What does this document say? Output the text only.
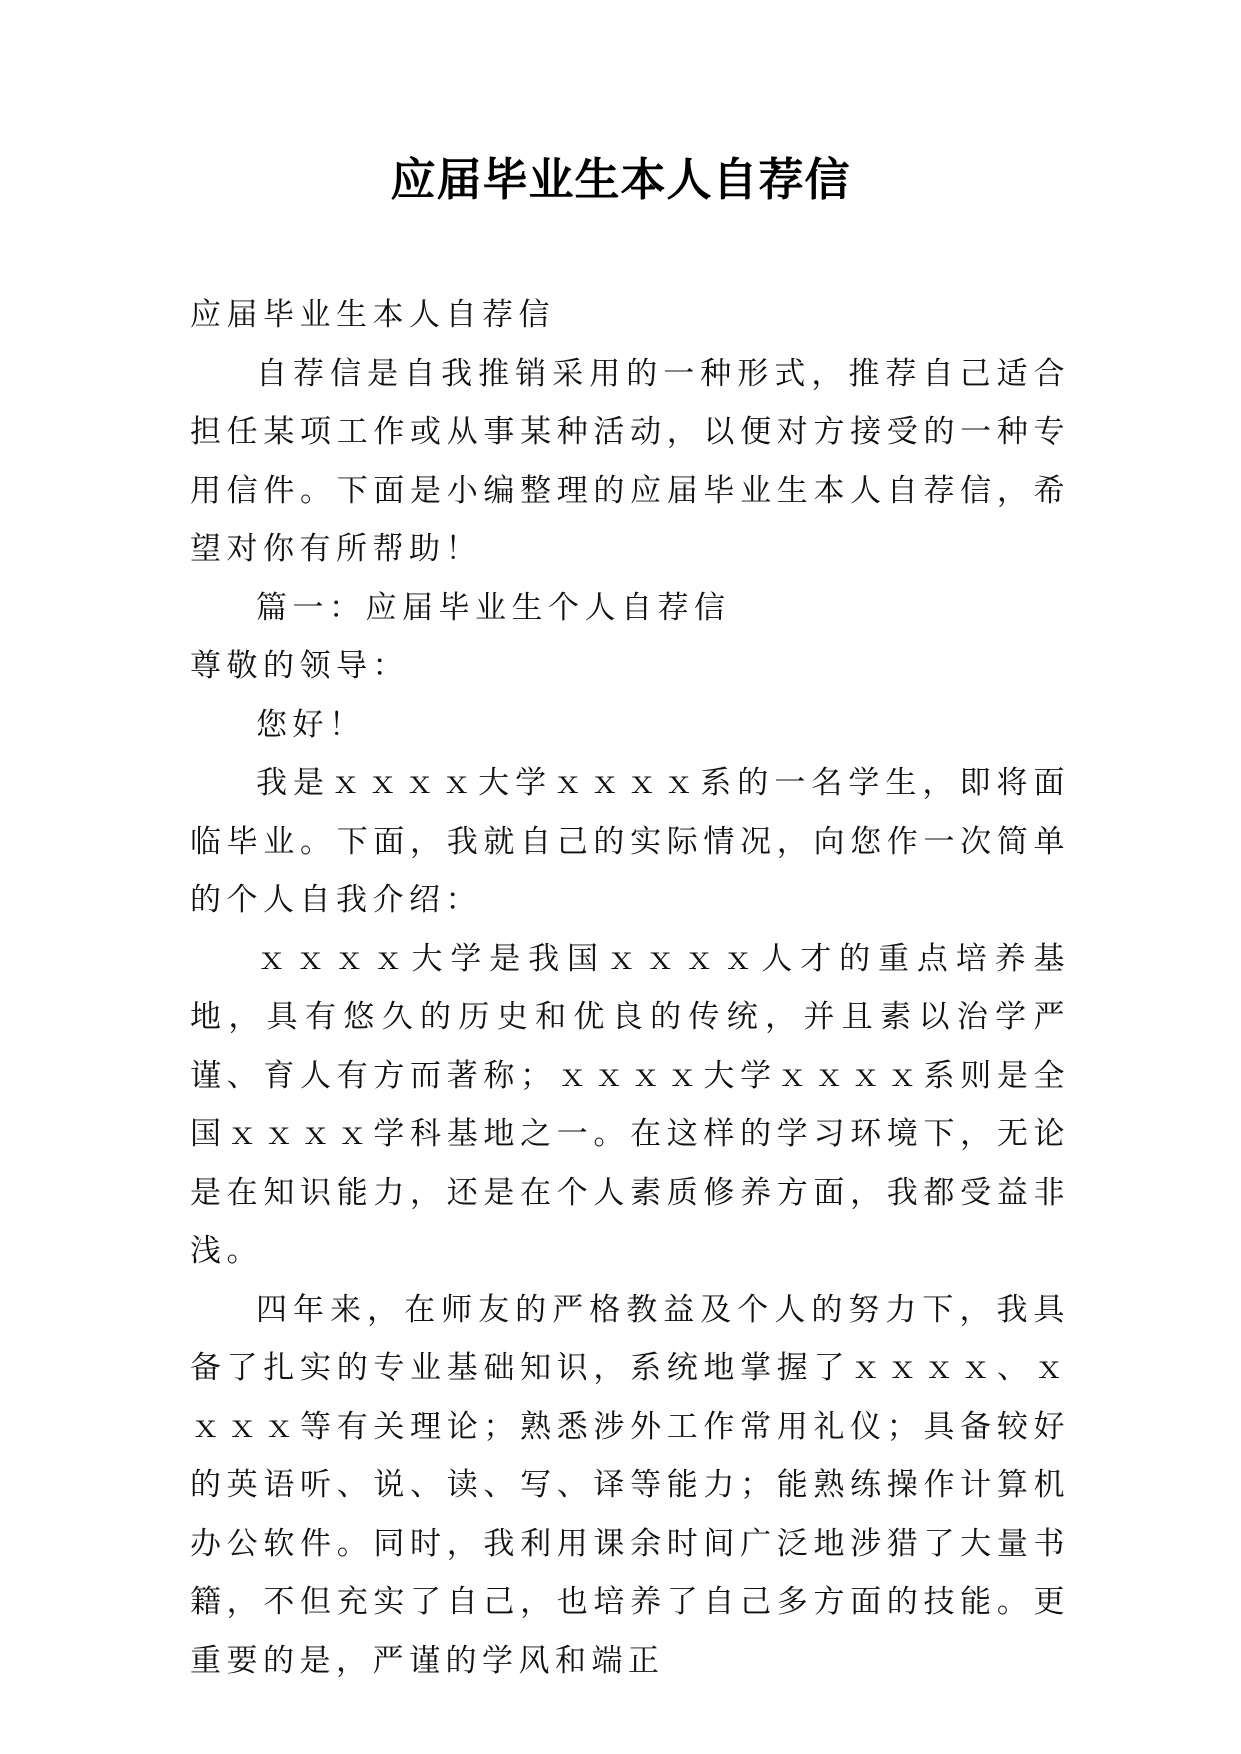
应届毕业生本人自荐信

应届毕业生本人自荐信

自荐信是自我推销采用的一种形式，推荐自己适合担任某项工作或从事某种活动，以便对方接受的一种专用信件。下面是小编整理的应届毕业生本人自荐信，希望对你有所帮助！

篇一：应届毕业生个人自荐信

尊敬的领导：

您好！

我是ｘｘｘｘ大学ｘｘｘｘ系的一名学生，即将面临毕业。下面，我就自己的实际情况，向您作一次简单的个人自我介绍：

ｘｘｘｘ大学是我国ｘｘｘｘ人才的重点培养基地，具有悠久的历史和优良的传统，并且素以治学严谨、育人有方而著称；ｘｘｘｘ大学ｘｘｘｘ系则是全国ｘｘｘｘ学科基地之一。在这样的学习环境下，无论是在知识能力，还是在个人素质修养方面，我都受益非浅。

四年来，在师友的严格教益及个人的努力下，我具备了扎实的专业基础知识，系统地掌握了ｘｘｘｘ、ｘｘｘｘ等有关理论；熟悉涉外工作常用礼仪；具备较好的英语听、说、读、写、译等能力；能熟练操作计算机办公软件。同时，我利用课余时间广泛地涉猎了大量书籍，不但充实了自己，也培养了自己多方面的技能。更重要的是，严谨的学风和端正
